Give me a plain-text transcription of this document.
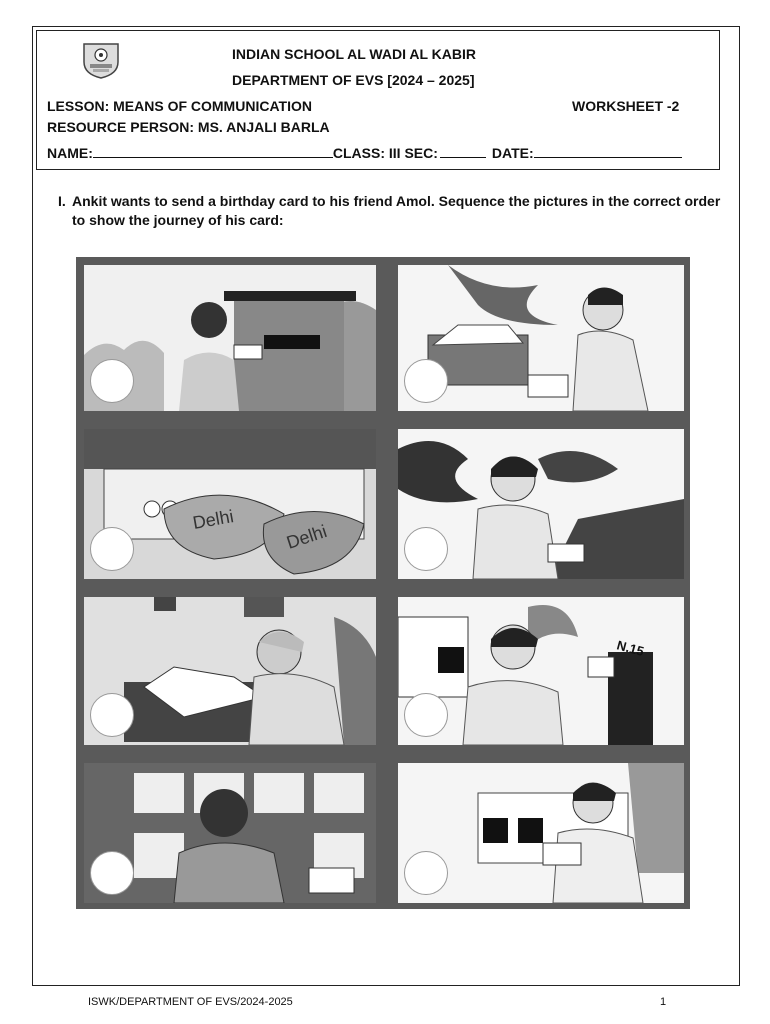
INDIAN SCHOOL AL WADI AL KABIR
DEPARTMENT OF EVS [2024 – 2025]
LESSON: MEANS OF COMMUNICATION	WORKSHEET -2
RESOURCE PERSON: MS. ANJALI BARLA
NAME:	CLASS: III SEC:	DATE:
I. Ankit wants to send a birthday card to his friend Amol. Sequence the pictures in the correct order to show the journey of his card:
Delhi
Delhi
N.15
ISWK/DEPARTMENT OF EVS/2024-2025	1
